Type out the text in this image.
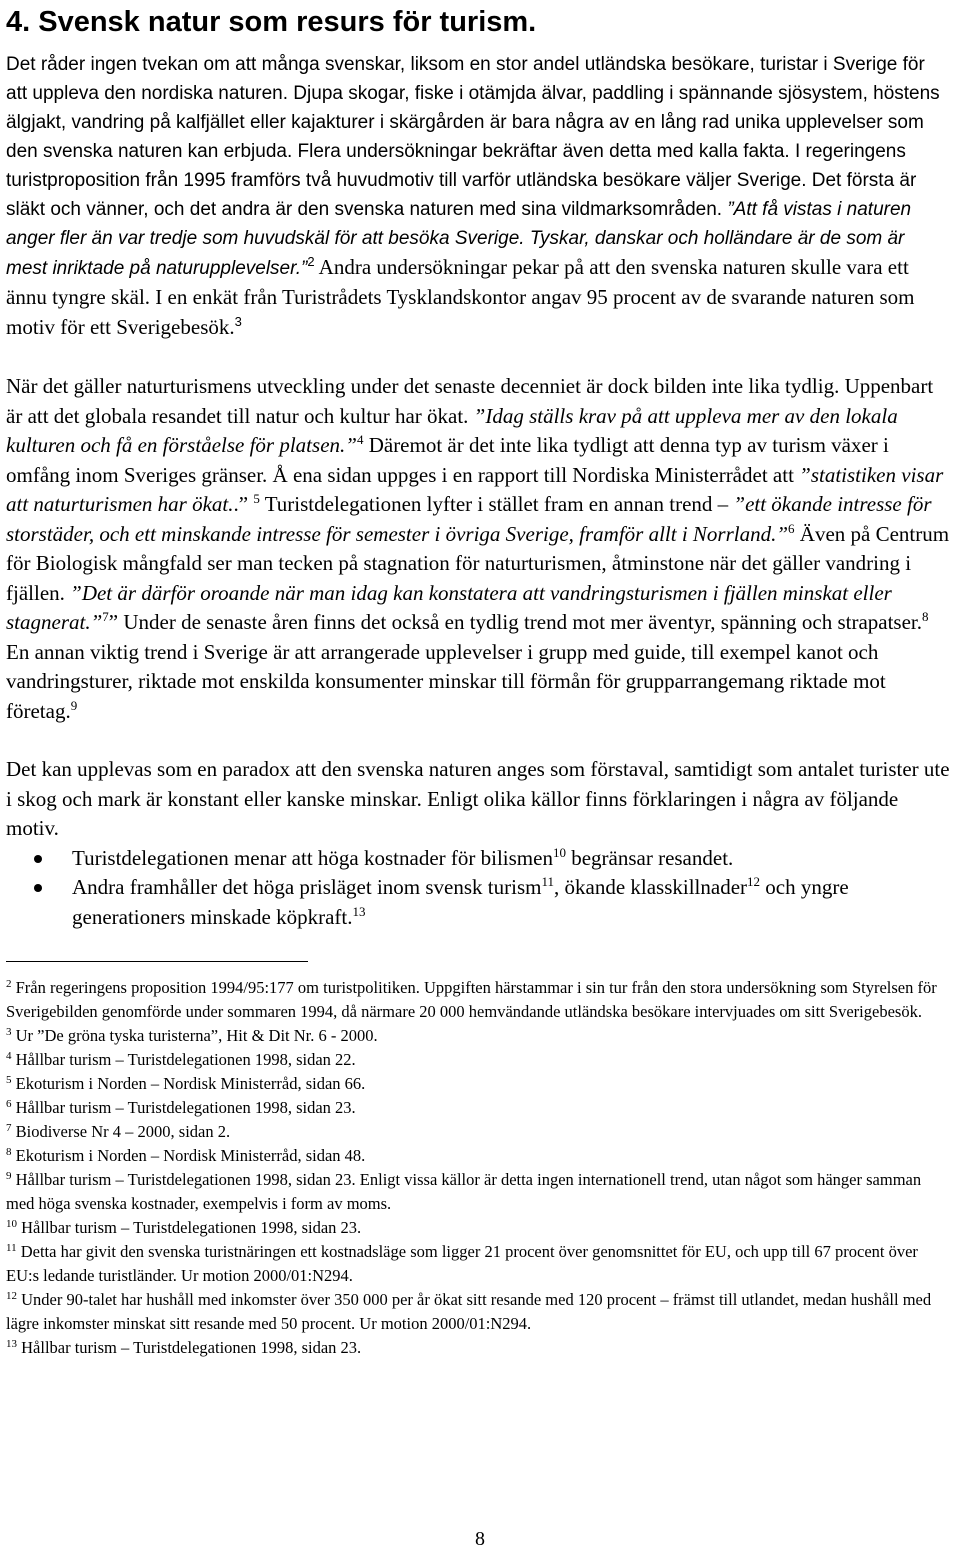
4. Svensk natur som resurs för turism.

Det råder ingen tvekan om att många svenskar, liksom en stor andel utländska besökare, turistar i Sverige för att uppleva den nordiska naturen. Djupa skogar, fiske i otämjda älvar, paddling i spännande sjösystem, höstens älgjakt, vandring på kalfjället eller kajakturer i skärgården är bara några av en lång rad unika upplevelser som den svenska naturen kan erbjuda. Flera undersökningar bekräftar även detta med kalla fakta. I regeringens turistproposition från 1995 framförs två huvudmotiv till varför utländska besökare väljer Sverige. Det första är släkt och vänner, och det andra är den svenska naturen med sina vildmarksområden. ”Att få vistas i naturen anger fler än var tredje som huvudskäl för att besöka Sverige. Tyskar, danskar och holländare är de som är mest inriktade på naturupplevelser.”$^2$ Andra undersökningar pekar på att den svenska naturen skulle vara ett ännu tyngre skäl. I en enkät från Turistrådets Tysklandskontor angav 95 procent av de svarande naturen som motiv för ett Sverigebesök.$^3$

När det gäller naturturismens utveckling under det senaste decenniet är dock bilden inte lika tydlig. Uppenbart är att det globala resandet till natur och kultur har ökat. ”Idag ställs krav på att uppleva mer av den lokala kulturen och få en förståelse för platsen.”$^4$ Däremot är det inte lika tydligt att denna typ av turism växer i omfång inom Sveriges gränser. Å ena sidan uppges i en rapport till Nordiska Ministerrådet att ”statistiken visar att naturturismen har ökat..” $^5$ Turistdelegationen lyfter i stället fram en annan trend – ”ett ökande intresse för storstäder, och ett minskande intresse för semester i övriga Sverige, framför allt i Norrland.”$^6$ Även på Centrum för Biologisk mångfald ser man tecken på stagnation för naturturismen, åtminstone när det gäller vandring i fjällen. ”Det är därför oroande när man idag kan konstatera att vandringsturismen i fjällen minskat eller stagnerat.”$^7$” Under de senaste åren finns det också en tydlig trend mot mer äventyr, spänning och strapatser.$^8$ En annan viktig trend i Sverige är att arrangerade upplevelser i grupp med guide, till exempel kanot och vandringsturer, riktade mot enskilda konsumenter minskar till förmån för grupparrangemang riktade mot företag.$^9$

Det kan upplevas som en paradox att den svenska naturen anges som förstaval, samtidigt som antalet turister ute i skog och mark är konstant eller kanske minskar. Enligt olika källor finns förklaringen i några av följande motiv.

Turistdelegationen menar att höga kostnader för bilismen$^{10}$ begränsar resandet.
Andra framhåller det höga prisläget inom svensk turism$^{11}$, ökande klasskillnader$^{12}$ och yngre generationers minskade köpkraft.$^{13}$

$^2$ Från regeringens proposition 1994/95:177 om turistpolitiken. Uppgiften härstammar i sin tur från den stora undersökning som Styrelsen för Sverigebilden genomförde under sommaren 1994, då närmare 20 000 hemvändande utländska besökare intervjuades om sitt Sverigebesök.

$^3$ Ur ”De gröna tyska turisterna”, Hit & Dit Nr. 6 - 2000.

$^4$ Hållbar turism – Turistdelegationen 1998, sidan 22.

$^5$ Ekoturism i Norden – Nordisk Ministerråd, sidan 66.

$^6$ Hållbar turism – Turistdelegationen 1998, sidan 23.

$^7$ Biodiverse Nr 4 – 2000, sidan 2.

$^8$ Ekoturism i Norden – Nordisk Ministerråd, sidan 48.

$^9$ Hållbar turism – Turistdelegationen 1998, sidan 23. Enligt vissa källor är detta ingen internationell trend, utan något som hänger samman med höga svenska kostnader, exempelvis i form av moms.

$^{10}$ Hållbar turism – Turistdelegationen 1998, sidan 23.

$^{11}$ Detta har givit den svenska turistnäringen ett kostnadsläge som ligger 21 procent över genomsnittet för EU, och upp till 67 procent över EU:s ledande turistländer. Ur motion 2000/01:N294.

$^{12}$ Under 90-talet har hushåll med inkomster över 350 000 per år ökat sitt resande med 120 procent – främst till utlandet, medan hushåll med lägre inkomster minskat sitt resande med 50 procent. Ur motion 2000/01:N294.

$^{13}$ Hållbar turism – Turistdelegationen 1998, sidan 23.

8
